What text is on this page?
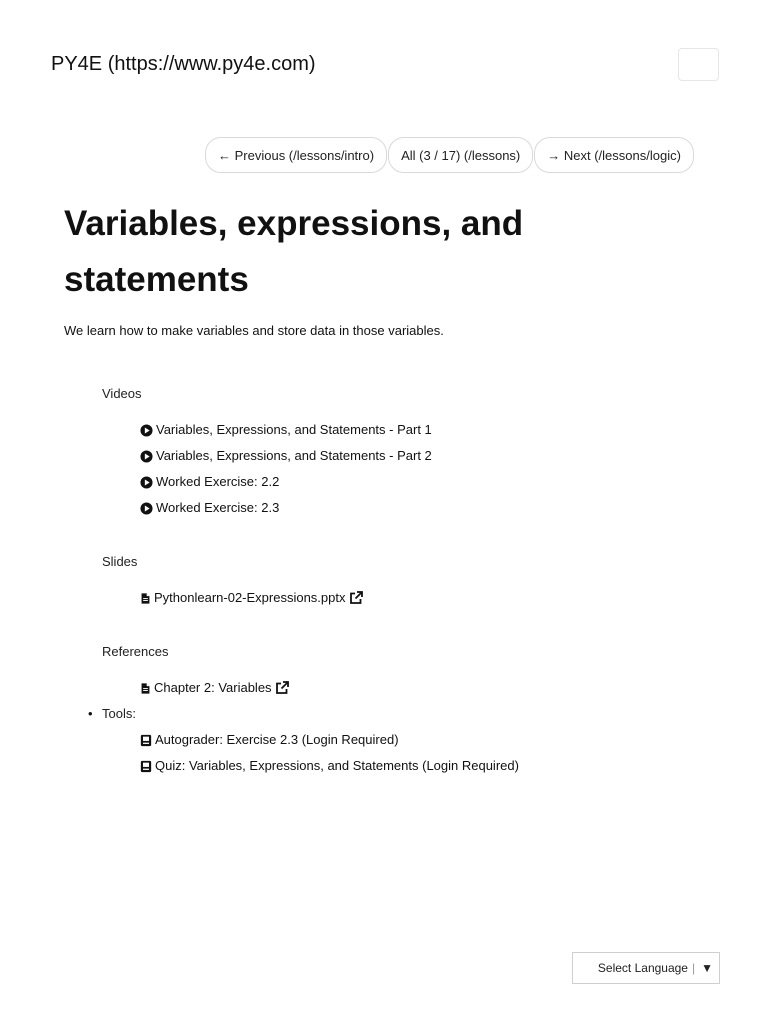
PY4E (https://www.py4e.com)
← Previous (/lessons/intro)	All (3 / 17) (/lessons)	→ Next (/lessons/logic)
Variables, expressions, and statements

We learn how to make variables and store data in those variables.

Videos

Variables, Expressions, and Statements - Part 1
Variables, Expressions, and Statements - Part 2
Worked Exercise: 2.2
Worked Exercise: 2.3

Slides

Pythonlearn-02-Expressions.pptx

References

Chapter 2: Variables
• Tools:

Autograder: Exercise 2.3 (Login Required)
Quiz: Variables, Expressions, and Statements (Login Required)
Select Language | ▼
